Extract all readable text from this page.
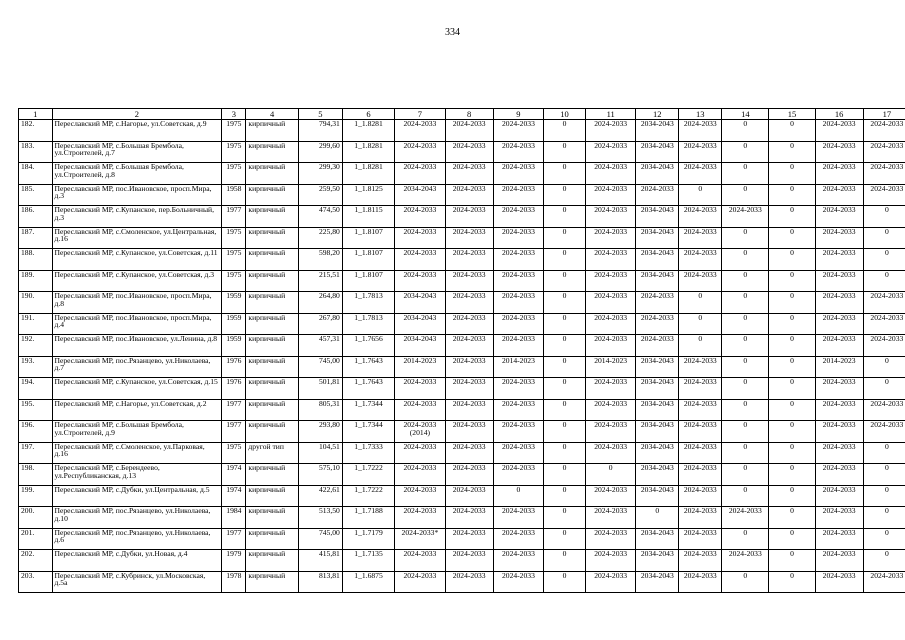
334
1	2	3	4	5	6	7	8	9	10	11	12	13	14	15	16	17
182.	Переславский МР, с.Нагорье, ул.Советская, д.9	1975	кирпичный	794,31	1_1.8281	2024-2033	2024-2033	2024-2033	0	2024-2033	2034-2043	2024-2033	0	0	2024-2033	2024-2033
183.	Переславский МР, с.Большая Брембола, ул.Строителей, д.7	1975	кирпичный	299,60	1_1.8281	2024-2033	2024-2033	2024-2033	0	2024-2033	2034-2043	2024-2033	0	0	2024-2033	2024-2033
184.	Переславский МР, с.Большая Брембола, ул.Строителей, д.8	1975	кирпичный	299,30	1_1.8281	2024-2033	2024-2033	2024-2033	0	2024-2033	2034-2043	2024-2033	0	0	2024-2033	2024-2033
185.	Переславский МР, пос.Ивановское, просп.Мира, д.3	1958	кирпичный	259,50	1_1.8125	2034-2043	2024-2033	2024-2033	0	2024-2033	2024-2033	0	0	0	2024-2033	2024-2033
186.	Переславский МР, с.Купанское, пер.Больничный, д.3	1977	кирпичный	474,50	1_1.8115	2024-2033	2024-2033	2024-2033	0	2024-2033	2034-2043	2024-2033	2024-2033	0	2024-2033	0
187.	Переславский МР, с.Смоленское, ул.Центральная, д.16	1975	кирпичный	225,80	1_1.8107	2024-2033	2024-2033	2024-2033	0	2024-2033	2034-2043	2024-2033	0	0	2024-2033	0
188.	Переславский МР, с.Купанское, ул.Советская, д.11	1975	кирпичный	598,20	1_1.8107	2024-2033	2024-2033	2024-2033	0	2024-2033	2034-2043	2024-2033	0	0	2024-2033	0
189.	Переславский МР, с.Купанское, ул.Советская, д.3	1975	кирпичный	215,51	1_1.8107	2024-2033	2024-2033	2024-2033	0	2024-2033	2034-2043	2024-2033	0	0	2024-2033	0
190.	Переславский МР, пос.Ивановское, просп.Мира, д.8	1959	кирпичный	264,80	1_1.7813	2034-2043	2024-2033	2024-2033	0	2024-2033	2024-2033	0	0	0	2024-2033	2024-2033
191.	Переславский МР, пос.Ивановское, просп.Мира, д.4	1959	кирпичный	267,80	1_1.7813	2034-2043	2024-2033	2024-2033	0	2024-2033	2024-2033	0	0	0	2024-2033	2024-2033
192.	Переславский МР, пос.Ивановское, ул.Ленина, д.8	1959	кирпичный	457,31	1_1.7656	2034-2043	2024-2033	2024-2033	0	2024-2033	2024-2033	0	0	0	2024-2033	2024-2033
193.	Переславский МР, пос.Рязанцево, ул.Николаева, д.7	1976	кирпичный	745,00	1_1.7643	2014-2023	2024-2033	2014-2023	0	2014-2023	2034-2043	2024-2033	0	0	2014-2023	0
194.	Переславский МР, с.Купанское, ул.Советская, д.15	1976	кирпичный	501,81	1_1.7643	2024-2033	2024-2033	2024-2033	0	2024-2033	2034-2043	2024-2033	0	0	2024-2033	0
195.	Переславский МР, с.Нагорье, ул.Советская, д.2	1977	кирпичный	805,31	1_1.7344	2024-2033	2024-2033	2024-2033	0	2024-2033	2034-2043	2024-2033	0	0	2024-2033	2024-2033
196.	Переславский МР, с.Большая Брембола, ул.Строителей, д.9	1977	кирпичный	293,80	1_1.7344	2024-2033 (2014)	2024-2033	2024-2033	0	2024-2033	2034-2043	2024-2033	0	0	2024-2033	2024-2033
197.	Переславский МР, с.Смоленское, ул.Парковая, д.16	1975	другой тип	104,51	1_1.7333	2024-2033	2024-2033	2024-2033	0	2024-2033	2034-2043	2024-2033	0	0	2024-2033	0
198.	Переславский МР, с.Берендеево, ул.Республиканская, д.13	1974	кирпичный	575,10	1_1.7222	2024-2033	2024-2033	2024-2033	0	0	2034-2043	2024-2033	0	0	2024-2033	0
199.	Переславский МР, с.Дубки, ул.Центральная, д.5	1974	кирпичный	422,61	1_1.7222	2024-2033	2024-2033	0	0	2024-2033	2034-2043	2024-2033	0	0	2024-2033	0
200.	Переславский МР, пос.Рязанцево, ул.Николаева, д.10	1984	кирпичный	513,50	1_1.7188	2024-2033	2024-2033	2024-2033	0	2024-2033	0	2024-2033	2024-2033	0	2024-2033	0
201.	Переславский МР, пос.Рязанцево, ул.Николаева, д.6	1977	кирпичный	745,00	1_1.7179	2024-2033*	2024-2033	2024-2033	0	2024-2033	2034-2043	2024-2033	0	0	2024-2033	0
202.	Переславский МР, с.Дубки, ул.Новая, д.4	1979	кирпичный	415,81	1_1.7135	2024-2033	2024-2033	2024-2033	0	2024-2033	2034-2043	2024-2033	2024-2033	0	2024-2033	0
203.	Переславский МР, с.Кубринск, ул.Московская, д.5а	1978	кирпичный	813,81	1_1.6875	2024-2033	2024-2033	2024-2033	0	2024-2033	2034-2043	2024-2033	0	0	2024-2033	2024-2033
